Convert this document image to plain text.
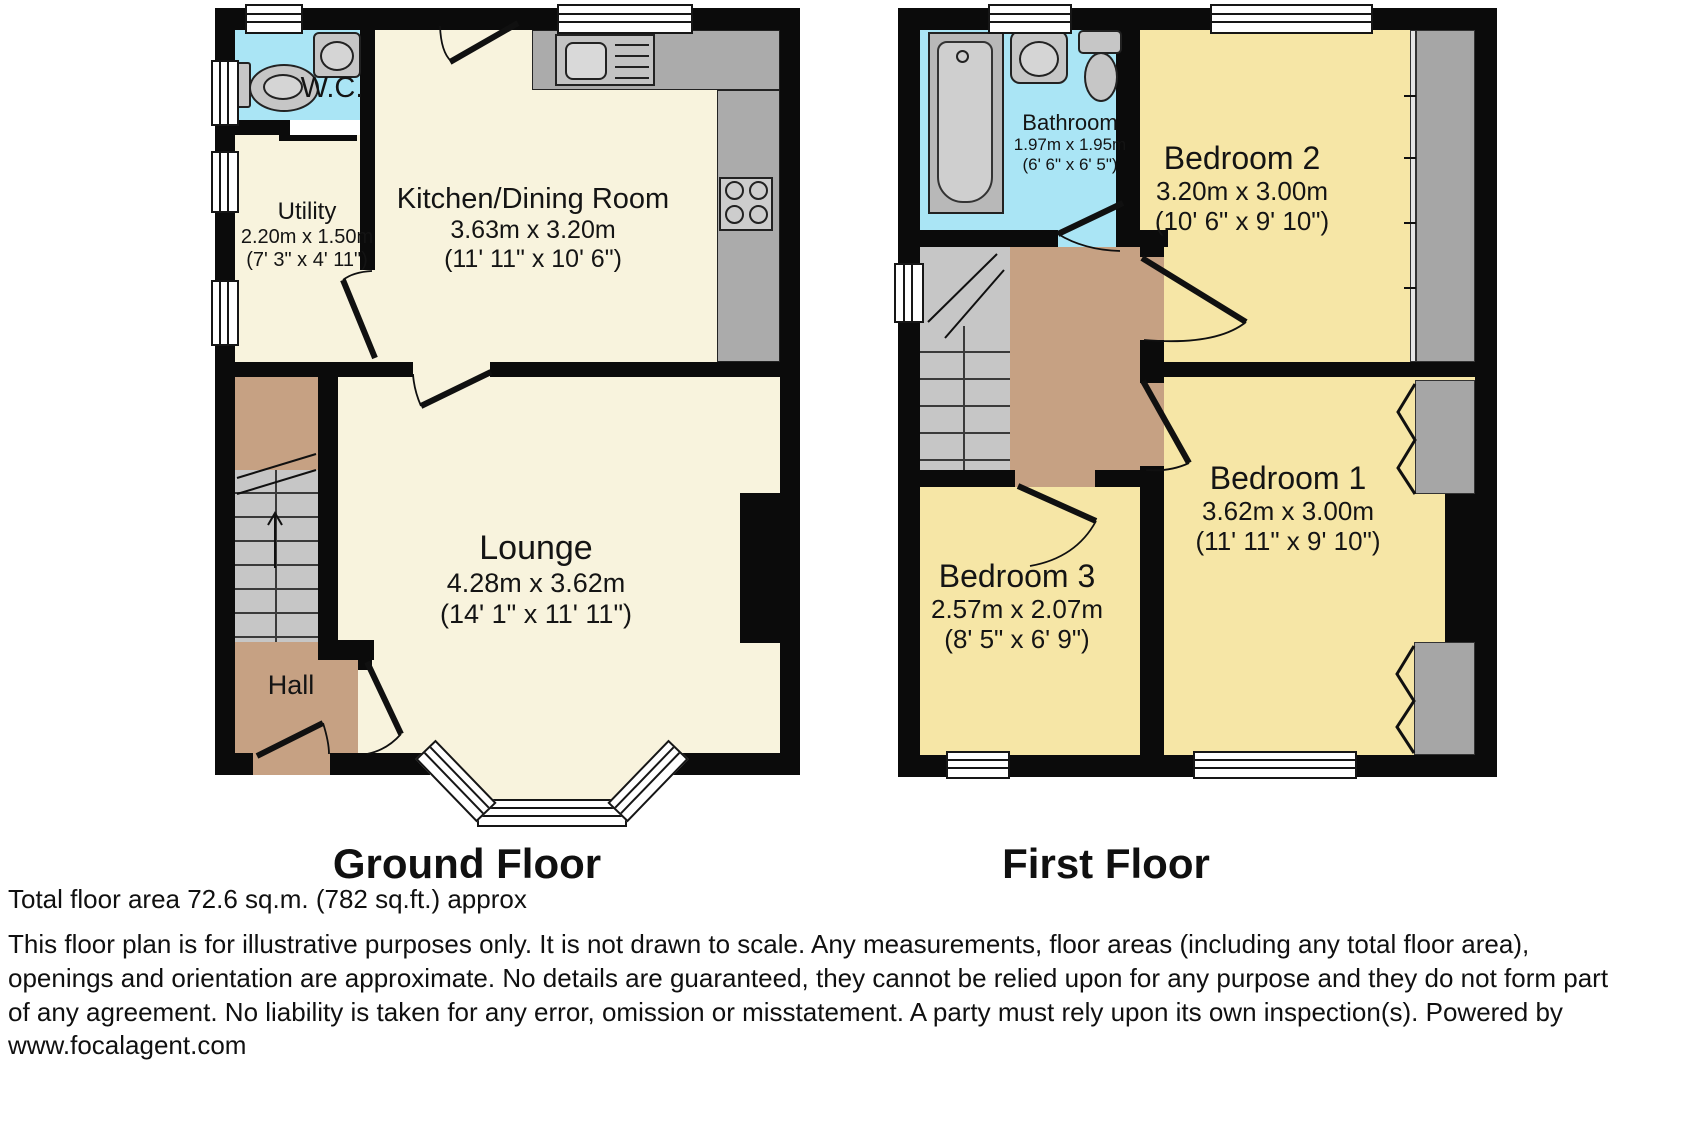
W.C.
Utility
2.20m x 1.50m
(7' 3" x 4' 11")
Kitchen/Dining Room
3.63m x 3.20m
(11' 11" x 10' 6")
Lounge
4.28m x 3.62m
(14' 1" x 11' 11")
Hall
Bathroom
1.97m x 1.95m
(6' 6" x 6' 5")	Bedroom 2
3.20m x 3.00m
(10' 6" x 9' 10")
Bedroom 1
3.62m x 3.00m
(11' 11" x 9' 10")
Bedroom 3
2.57m x 2.07m
(8' 5" x 6' 9")
Ground Floor	First Floor
Total floor area 72.6 sq.m. (782 sq.ft.) approx
This floor plan is for illustrative purposes only. It is not drawn to scale. Any measurements, floor areas (including any total floor area), openings and orientation are approximate. No details are guaranteed, they cannot be relied upon for any purpose and they do not form part of any agreement. No liability is taken for any error, omission or misstatement. A party must rely upon its own inspection(s). Powered by www.focalagent.com
